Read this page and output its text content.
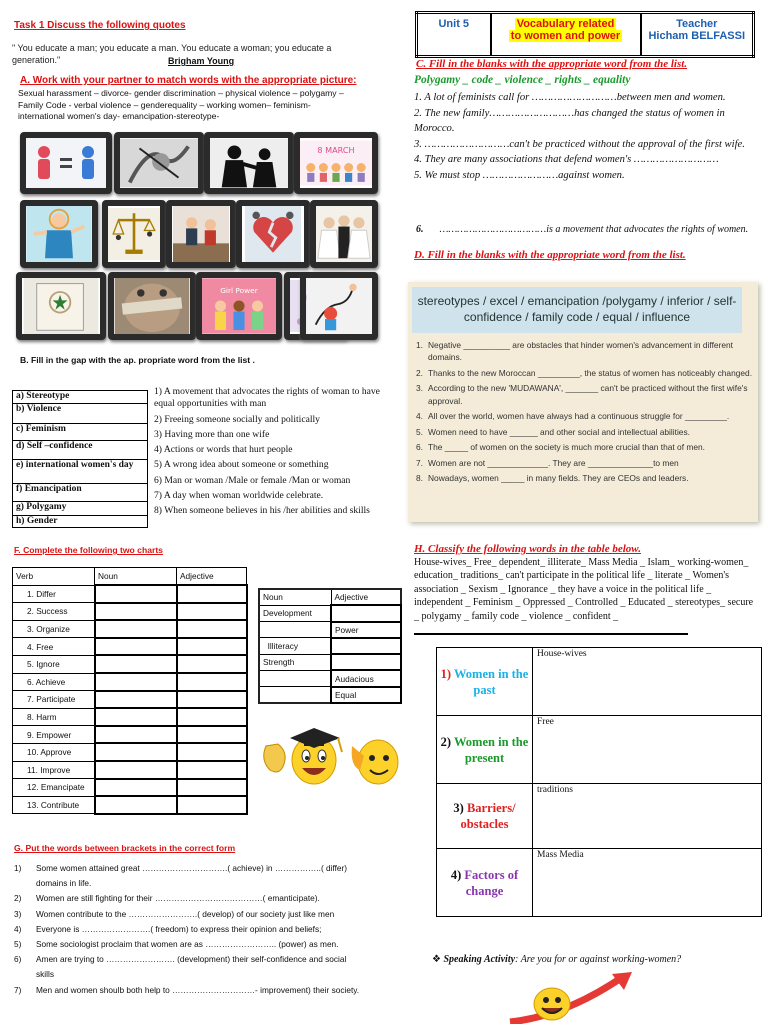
Task 1 Discuss the following quotes
" You educate a man; you educate a man. You educate a woman; you educate a generation."	Brigham Young
A. Work with your partner to match words with the appropriate picture:
Sexual harassment – divorce- gender discrimination – physical violence – polygamy – Family Code - verbal violence – genderequality – working women– feminism- international women's day- emancipation-stereotype-
8 MARCH
Girl Power
B. Fill in the gap with the ap. propriate word from the list .
a) Stereotype
b) Violence
c) Feminism
d) Self –confidence
e) international women's day
f) Emancipation
g) Polygamy
h) Gender
1) A movement that advocates the rights of woman to have equal opportunities with man
2) Freeing someone socially and politically
3) Having more than one wife
4) Actions or words that hurt people
5) A wrong idea about someone or something
6) Man or woman /Male or female /Man or woman
7) A day when woman worldwide celebrate.
8) When someone believes in his /her abilities and skills
F. Complete the following two charts
Verb	Noun	Adjective
1. Differ		
2. Success		
3. Organize		
4. Free		
5. Ignore		
6. Achieve		
7. Participate		
8. Harm		
9. Empower		
10. Approve		
11. Improve		
12. Emancipate		
13. Contribute		
Noun	Adjective
Development	
	Power
Illiteracy	
Strength	
	Audacious
	Equal
G. Put the words between brackets in the correct form
1)	Some women attained great ………………………….( achieve) in ……………..( differ) domains in life.
2)	Women are still fighting for their …………………………………( emanticipate).
3)	Women contribute to the …………………….( develop) of our society just like men
4)	Everyone is …………………….( freedom) to express their opinion and beliefs;
5)	Some sociologist proclaim that women are as …………………….. (power) as men.
6)	Amen are trying to ……………………. (development) their self-confidence and social skills
7)	Men and women shoulb both help to …………………………- improvement) their society.
Unit 5	Vocabulary related
to women and power	
Teacher
Hicham BELFASSI
C. Fill in the blanks with the appropriate word from the list.
Polygamy _ code _ violence _ rights _ equality
1. A lot of feminists call for ………………………between men and women.
2. The new family………………………has changed the status of women in Morocco.
3. ………………………can't be practiced without the approval of the first wife.
4. They are many associations that defend women's ………………………
5. We must stop ……………………against women.
6. ………………………………is a movement that advocates the rights of women.
D. Fill in the blanks with the appropriate word from the list.
stereotypes / excel / emancipation /polygamy / inferior / self-confidence / family code / equal / influence
1. Negative __________ are obstacles that hinder women's advancement in different domains.
2. Thanks to the new Moroccan _________, the status of women has noticeably changed.
3. According to the new 'MUDAWANA', _______ can't be practiced without the first wife's approval.
4. All over the world, women have always had a continuous struggle for _________.
5. Women need to have ______ and other social and intellectual abilities.
6. The _____ of women on the society is much more crucial than that of men.
7. Women are not _____________. They are ______________to men
8. Nowadays, women _____ in many fields. They are CEOs and leaders.
H. Classify the following words in the table below.
House-wives_ Free_ dependent_ illiterate_ Mass Media _ Islam_ working-women_ education_ traditions_ can't participate in the political life _ literate _ Women's association _ Sexism _ Ignorance _ they have a voice in the political life _ independent _ Feminism _ Oppressed _ Controlled _ Educated _ stereotypes_ secure _ polygamy _ family code _ violence _ confident _
1) Women in the past	House-wives
2) Women in the present	Free
3) Barriers/ obstacles	traditions
4) Factors of change	Mass Media
❖ Speaking Activity: Are you for or against working-women?
